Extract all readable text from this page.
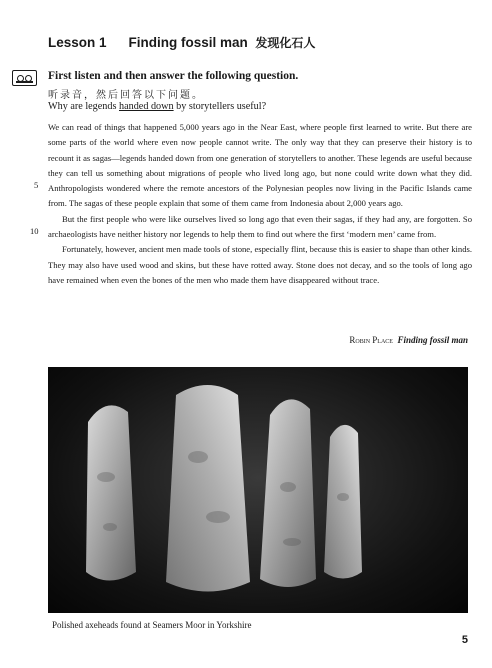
Lesson 1 Finding fossil man 发现化石人
First listen and then answer the following question.
听录音，然后回答以下问题。
Why are legends handed down by storytellers useful?

We can read of things that happened 5,000 years ago in the Near East, where people first learned to write. But there are some parts of the world where even now people cannot write. The only way that they can preserve their history is to recount it as sagas—legends handed down from one generation of storytellers to another. These legends are useful because they can tell us something about migrations of people who lived long ago, but none could write down what they did. Anthropologists wondered where the remote ancestors of the Polynesian peoples now living in the Pacific Islands came from. The sagas of these people explain that some of them came from Indonesia about 2,000 years ago.

But the first people who were like ourselves lived so long ago that even their sagas, if they had any, are forgotten. So archaeologists have neither history nor legends to help them to find out where the first ‘modern men’ came from.

Fortunately, however, ancient men made tools of stone, especially flint, because this is easier to shape than other kinds. They may also have used wood and skins, but these have rotted away. Stone does not decay, and so the tools of long ago have remained when even the bones of the men who made them have disappeared without trace.

5
10
Robin Place Finding fossil man
Polished axeheads found at Seamers Moor in Yorkshire
5
